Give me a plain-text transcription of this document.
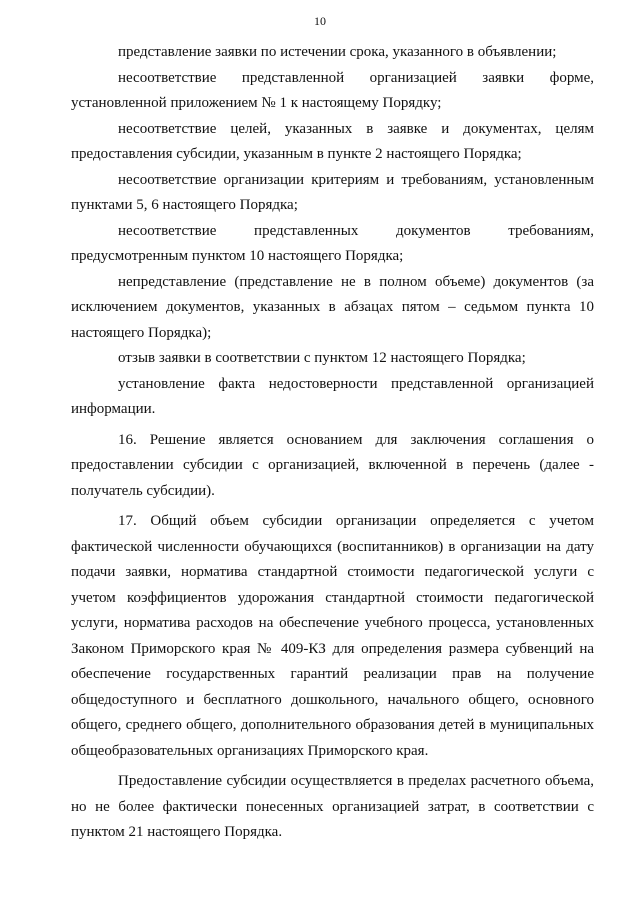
10

представление заявки по истечении срока, указанного в объявлении;

несоответствие представленной организацией заявки форме, установленной приложением № 1 к настоящему Порядку;

несоответствие целей, указанных в заявке и документах, целям предоставления субсидии, указанным в пункте 2 настоящего Порядка;

несоответствие организации критериям и требованиям, установленным пунктами 5, 6 настоящего Порядка;

несоответствие представленных документов требованиям, предусмотренным пунктом 10 настоящего Порядка;

непредставление (представление не в полном объеме) документов (за исключением документов, указанных в абзацах пятом – седьмом пункта 10 настоящего Порядка);

отзыв заявки в соответствии с пунктом 12 настоящего Порядка;

установление факта недостоверности представленной организацией информации.

16. Решение является основанием для заключения соглашения о предоставлении субсидии с организацией, включенной в перечень (далее - получатель субсидии).

17. Общий объем субсидии организации определяется с учетом фактической численности обучающихся (воспитанников) в организации на дату подачи заявки, норматива стандартной стоимости педагогической услуги с учетом коэффициентов удорожания стандартной стоимости педагогической услуги, норматива расходов на обеспечение учебного процесса, установленных Законом Приморского края № 409-КЗ для определения размера субвенций на обеспечение государственных гарантий реализации прав на получение общедоступного и бесплатного дошкольного, начального общего, основного общего, среднего общего, дополнительного образования детей в муниципальных общеобразовательных организациях Приморского края.

Предоставление субсидии осуществляется в пределах расчетного объема, но не более фактически понесенных организацией затрат, в соответствии с пунктом 21 настоящего Порядка.
